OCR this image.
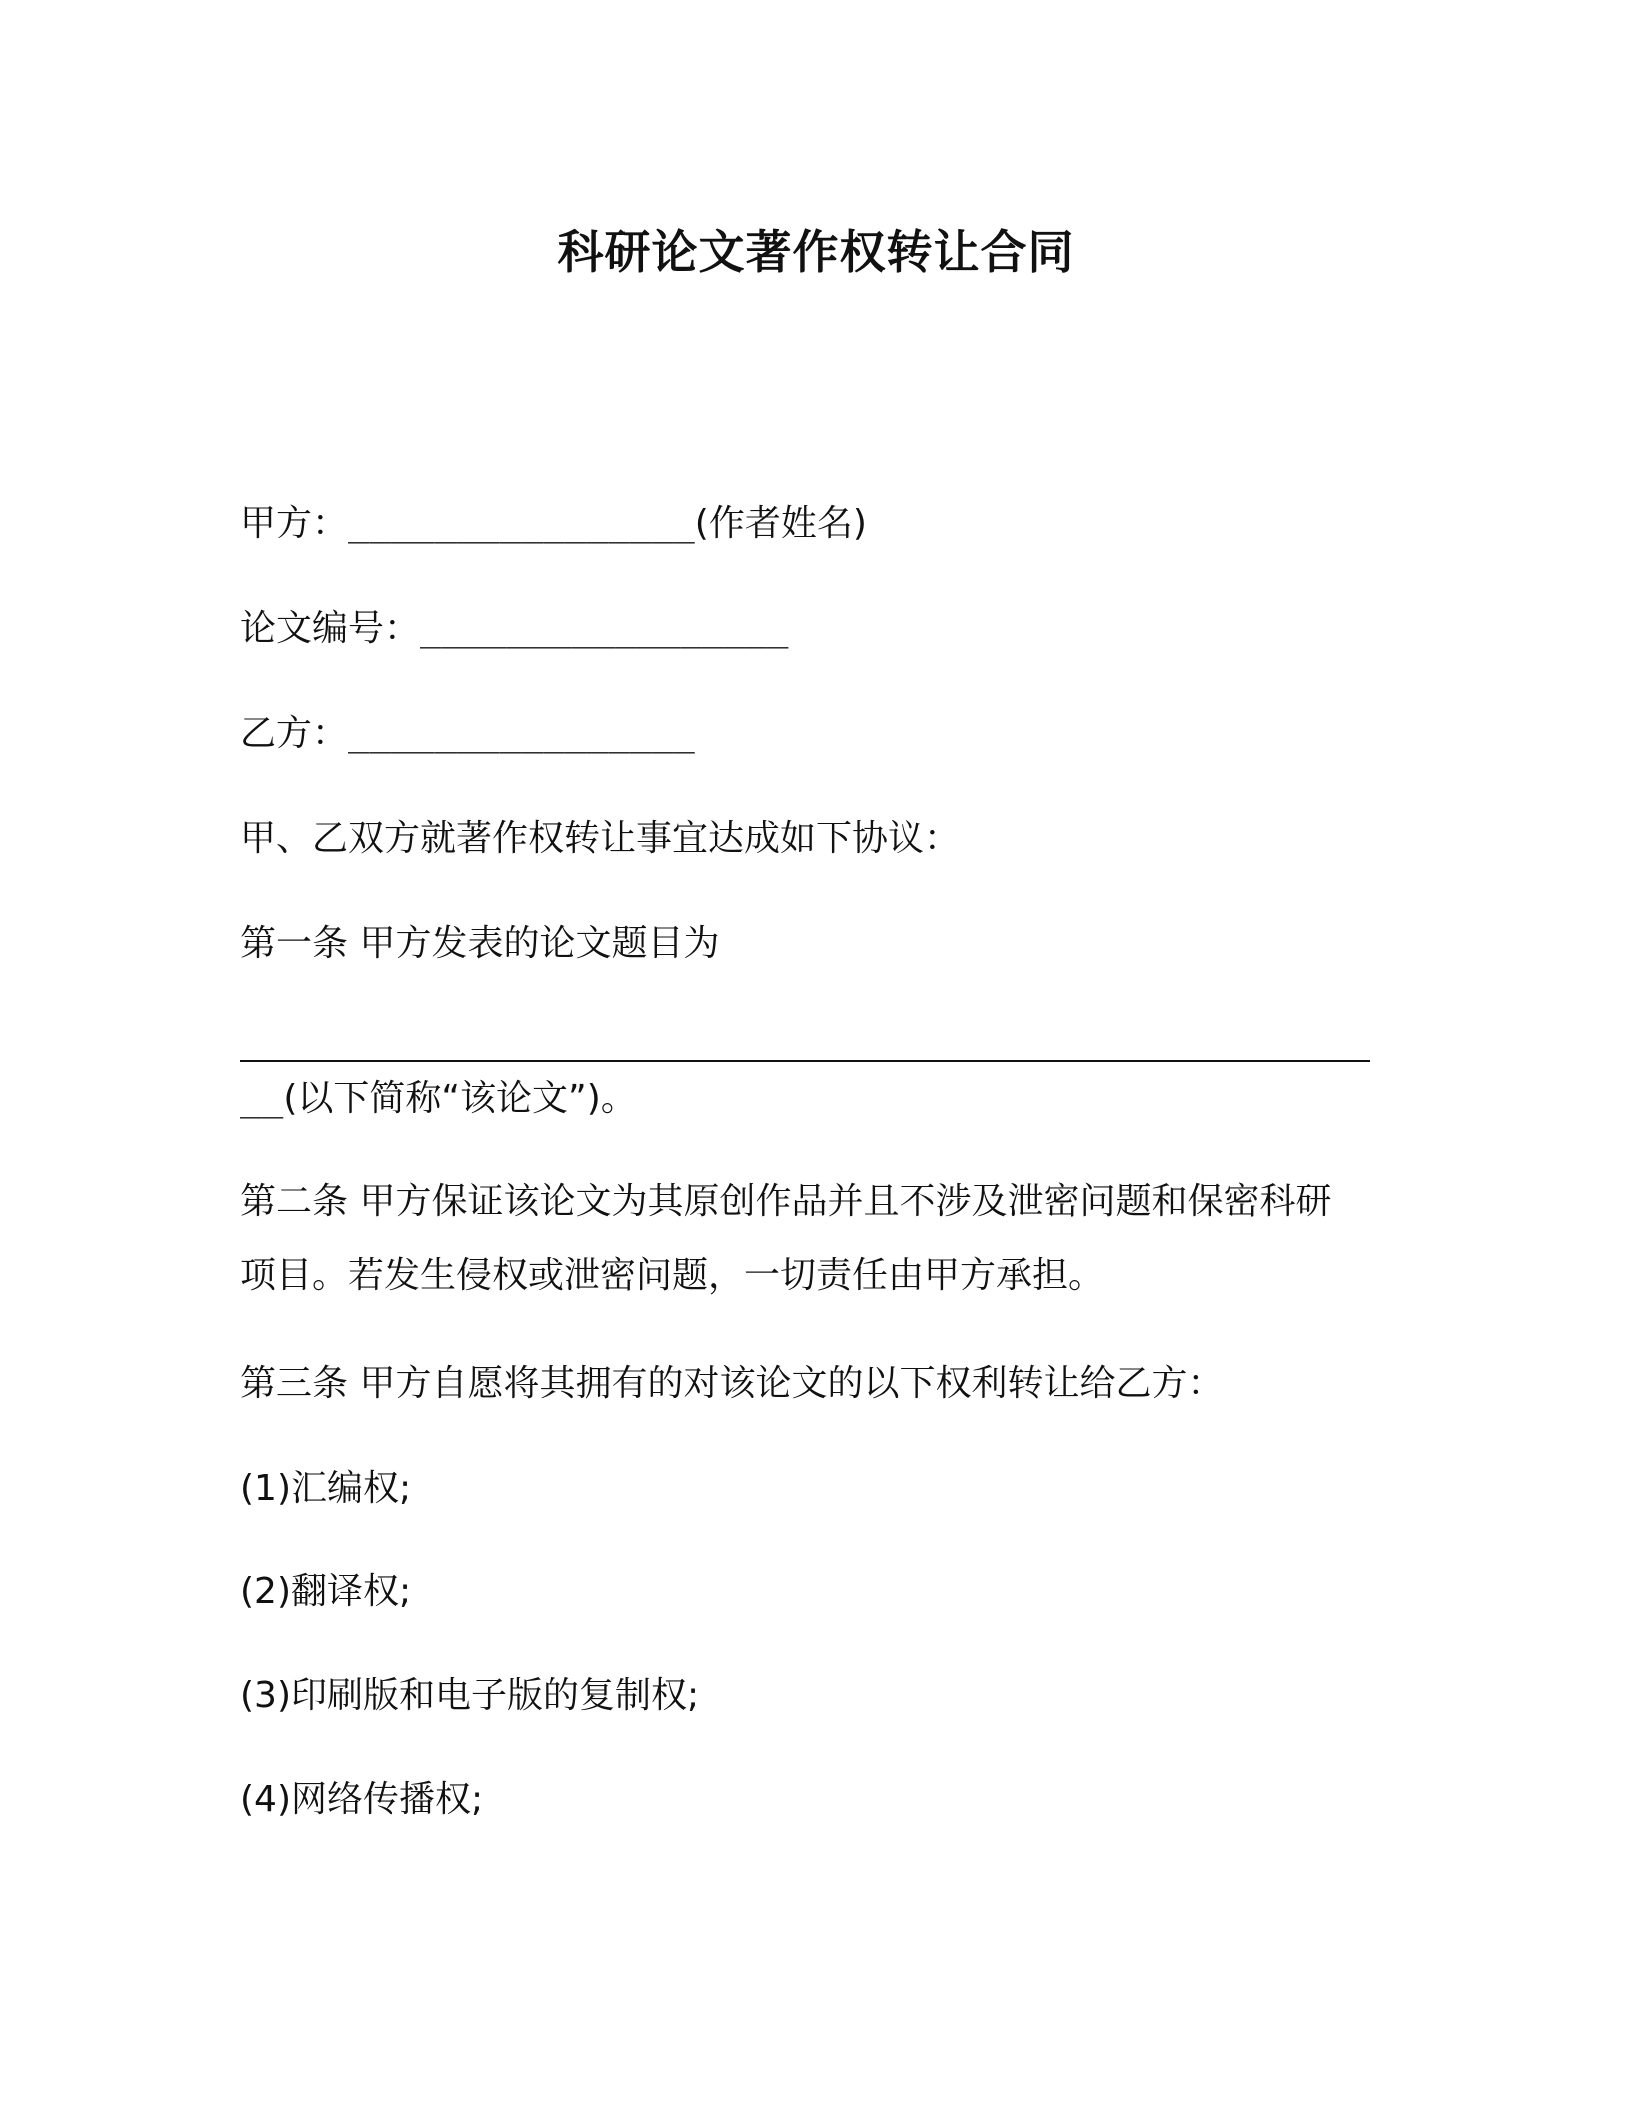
科研论文著作权转让合同
甲方：________________(作者姓名)
论文编号：_________________
乙方：________________
甲、乙双方就著作权转让事宜达成如下协议：
第一条 甲方发表的论文题目为
__(以下简称“该论文”)。
第二条 甲方保证该论文为其原创作品并且不涉及泄密问题和保密科研
项目。若发生侵权或泄密问题，一切责任由甲方承担。
第三条 甲方自愿将其拥有的对该论文的以下权利转让给乙方：
(1)汇编权;
(2)翻译权;
(3)印刷版和电子版的复制权;
(4)网络传播权;
